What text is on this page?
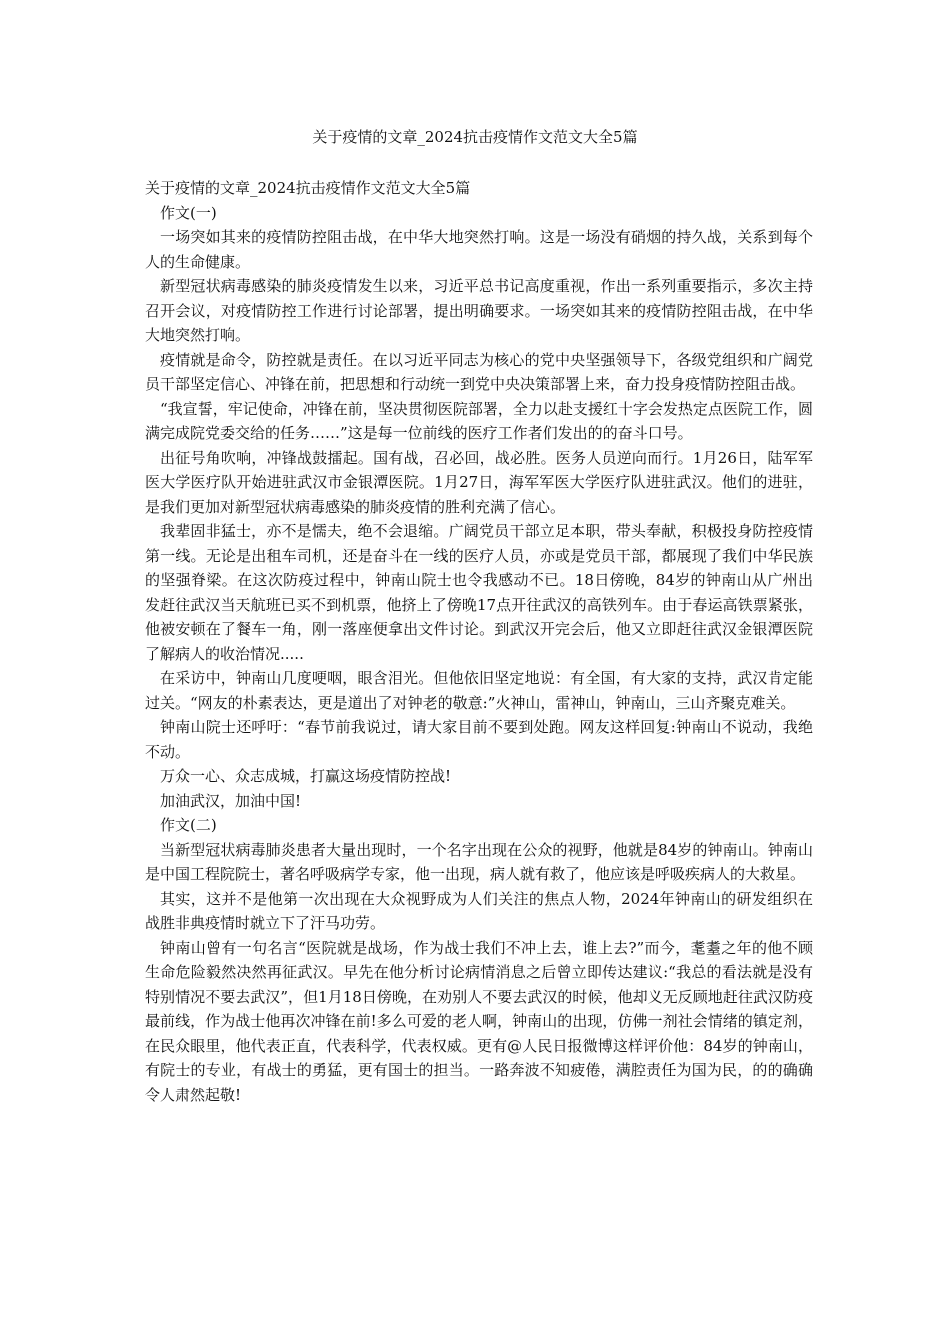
关于疫情的文章_2024抗击疫情作文范文大全5篇

关于疫情的文章_2024抗击疫情作文范文大全5篇

作文(一)

一场突如其来的疫情防控阻击战，在中华大地突然打响。这是一场没有硝烟的持久战，关系到每个人的生命健康。

新型冠状病毒感染的肺炎疫情发生以来，习近平总书记高度重视，作出一系列重要指示，多次主持召开会议，对疫情防控工作进行讨论部署，提出明确要求。一场突如其来的疫情防控阻击战，在中华大地突然打响。

疫情就是命令，防控就是责任。在以习近平同志为核心的党中央坚强领导下，各级党组织和广阔党员干部坚定信心、冲锋在前，把思想和行动统一到党中央决策部署上来，奋力投身疫情防控阻击战。

“我宣誓，牢记使命，冲锋在前，坚决贯彻医院部署，全力以赴支援红十字会发热定点医院工作，圆满完成院党委交给的任务……”这是每一位前线的医疗工作者们发出的的奋斗口号。

出征号角吹响，冲锋战鼓擂起。国有战，召必回，战必胜。医务人员逆向而行。1月26日，陆军军医大学医疗队开始进驻武汉市金银潭医院。1月27日，海军军医大学医疗队进驻武汉。他们的进驻，是我们更加对新型冠状病毒感染的肺炎疫情的胜利充满了信心。

我辈固非猛士，亦不是懦夫，绝不会退缩。广阔党员干部立足本职，带头奉献，积极投身防控疫情第一线。无论是出租车司机，还是奋斗在一线的医疗人员，亦或是党员干部，都展现了我们中华民族的坚强脊梁。在这次防疫过程中，钟南山院士也令我感动不已。18日傍晚，84岁的钟南山从广州出发赶往武汉当天航班已买不到机票，他挤上了傍晚17点开往武汉的高铁列车。由于春运高铁票紧张，他被安顿在了餐车一角，刚一落座便拿出文件讨论。到武汉开完会后，他又立即赶往武汉金银潭医院了解病人的收治情况.....

在采访中，钟南山几度哽咽，眼含泪光。但他依旧坚定地说：有全国，有大家的支持，武汉肯定能过关。“网友的朴素表达，更是道出了对钟老的敬意:”火神山，雷神山，钟南山，三山齐聚克难关。

钟南山院士还呼吁：“春节前我说过，请大家目前不要到处跑。网友这样回复:钟南山不说动，我绝不动。

万众一心、众志成城，打赢这场疫情防控战!

加油武汉，加油中国!

作文(二)

当新型冠状病毒肺炎患者大量出现时，一个名字出现在公众的视野，他就是84岁的钟南山。钟南山是中国工程院院士，著名呼吸病学专家，他一出现，病人就有救了，他应该是呼吸疾病人的大救星。

其实，这并不是他第一次出现在大众视野成为人们关注的焦点人物，2024年钟南山的研发组织在战胜非典疫情时就立下了汗马功劳。

钟南山曾有一句名言“医院就是战场，作为战士我们不冲上去，谁上去?”而今，耄耋之年的他不顾生命危险毅然决然再征武汉。早先在他分析讨论病情消息之后曾立即传达建议:“我总的看法就是没有特别情况不要去武汉”，但1月18日傍晚，在劝别人不要去武汉的时候，他却义无反顾地赶往武汉防疫最前线，作为战士他再次冲锋在前!多么可爱的老人啊，钟南山的出现，仿佛一剂社会情绪的镇定剂，在民众眼里，他代表正直，代表科学，代表权威。更有@人民日报微博这样评价他：84岁的钟南山，有院士的专业，有战士的勇猛，更有国士的担当。一路奔波不知疲倦，满腔责任为国为民，的的确确令人肃然起敬!
